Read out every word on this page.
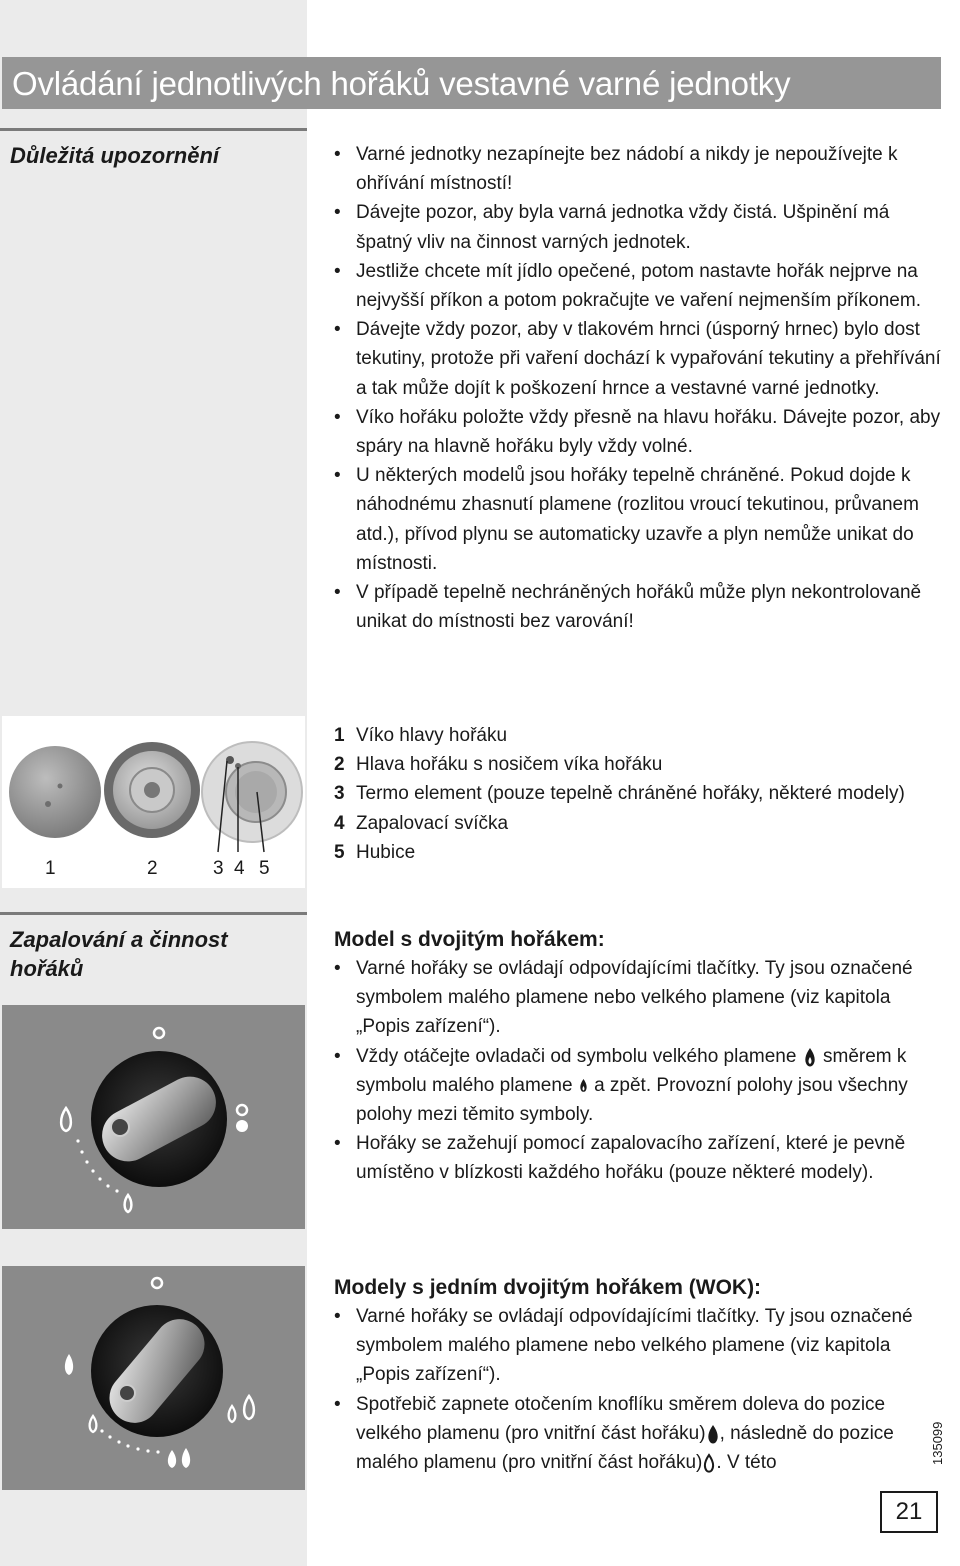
Ovládání jednotlivých hořáků vestavné varné jednotky
Důležitá upozornění
•	Varné jednotky nezapínejte bez nádobí a nikdy je nepoužívejte k ohřívání místností!
• Dávejte pozor, aby byla varná jednotka vždy čistá. Ušpinění má špatný vliv na činnost varných jednotek.
• Jestliže chcete mít jídlo opečené, potom nastavte hořák nejprve na nejvyšší příkon a potom pokračujte ve vaření nejmenším příkonem.
• Dávejte vždy pozor, aby v tlakovém hrnci (úsporný hrnec) bylo dost tekutiny, protože při vaření dochází k vypařování tekutiny a přehřívání a tak může dojít k poškození hrnce a vestavné varné jednotky.
• Víko hořáku položte vždy přesně na hlavu hořáku. Dávejte pozor, aby spáry na hlavně hořáku byly vždy volné.
• U některých modelů jsou hořáky tepelně chráněné. Pokud dojde k náhodnému zhasnutí plamene (rozlitou vroucí tekutinou, průvanem atd.), přívod plynu se automaticky uzavře a plyn nemůže unikat do místnosti.
• V případě tepelně nechráněných hořáků může plyn nekontrolovaně unikat do místnosti bez varování!
1	2	3 4 5
1 Víko hlavy hořáku
2 Hlava hořáku s nosičem víka hořáku
3 Termo element (pouze tepelně chráněné hořáky, některé modely)
4 Zapalovací svíčka
5 Hubice
Zapalování a činnost hořáků
Model s dvojitým hořákem:
• Varné hořáky se ovládají odpovídajícími tlačítky. Ty jsou označené symbolem malého plamene nebo velkého plamene (viz kapitola „Popis zařízení“).
• Vždy otáčejte ovladači od symbolu velkého plamene směrem k symbolu malého plamene a zpět. Provozní polohy jsou všechny polohy mezi těmito symboly.
• Hořáky se zažehují pomocí zapalovacího zařízení, které je pevně umístěno v blízkosti každého hořáku (pouze některé modely).
Modely s jedním dvojitým hořákem (WOK):
• Varné hořáky se ovládají odpovídajícími tlačítky. Ty jsou označené symbolem malého plamene nebo velkého plamene (viz kapitola „Popis zařízení“).
• Spotřebič zapnete otočením knoflíku směrem doleva do pozice velkého plamenu (pro vnitřní část hořáku) , následně do pozice malého plamenu (pro vnitřní část hořáku) . V této	135099
21
